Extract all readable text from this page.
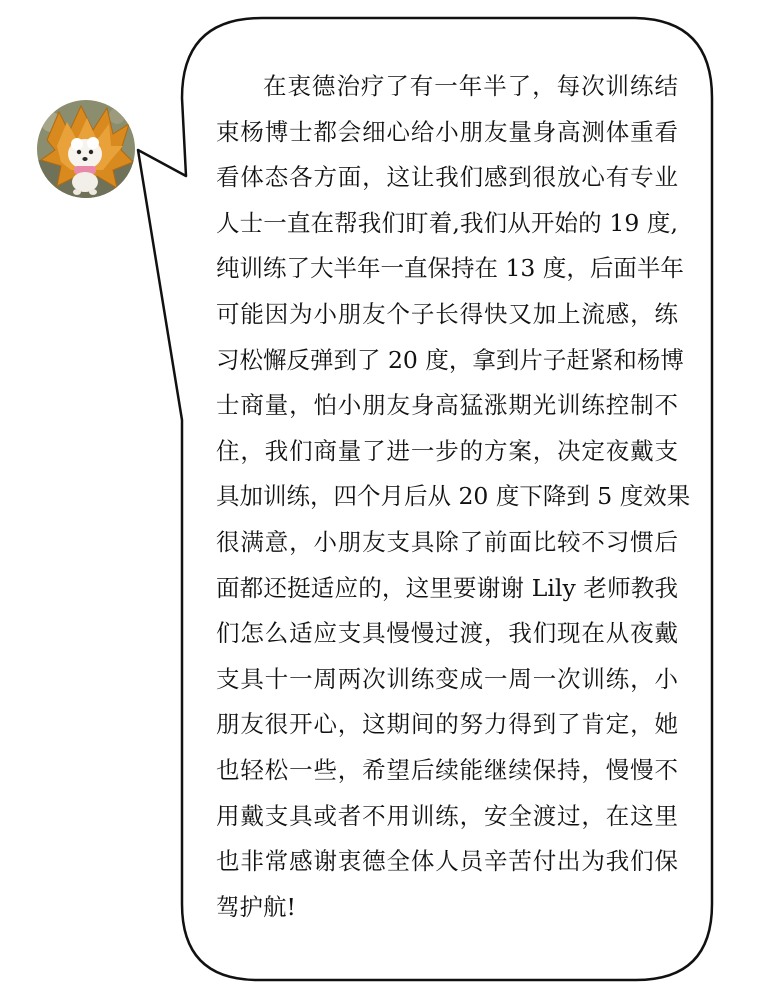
在衷德治疗了有一年半了，每次训练结
束杨博士都会细心给小朋友量身高测体重看
看体态各方面，这让我们感到很放心有专业
人士一直在帮我们盯着,我们从开始的 19 度,
纯训练了大半年一直保持在 13 度，后面半年
可能因为小朋友个子长得快又加上流感，练
习松懈反弹到了 20 度，拿到片子赶紧和杨博
士商量，怕小朋友身高猛涨期光训练控制不
住，我们商量了进一步的方案，决定夜戴支
具加训练，四个月后从 20 度下降到 5 度效果
很满意，小朋友支具除了前面比较不习惯后
面都还挺适应的，这里要谢谢 Lily 老师教我
们怎么适应支具慢慢过渡，我们现在从夜戴
支具十一周两次训练变成一周一次训练，小
朋友很开心，这期间的努力得到了肯定，她
也轻松一些，希望后续能继续保持，慢慢不
用戴支具或者不用训练，安全渡过，在这里
也非常感谢衷德全体人员辛苦付出为我们保
驾护航!
